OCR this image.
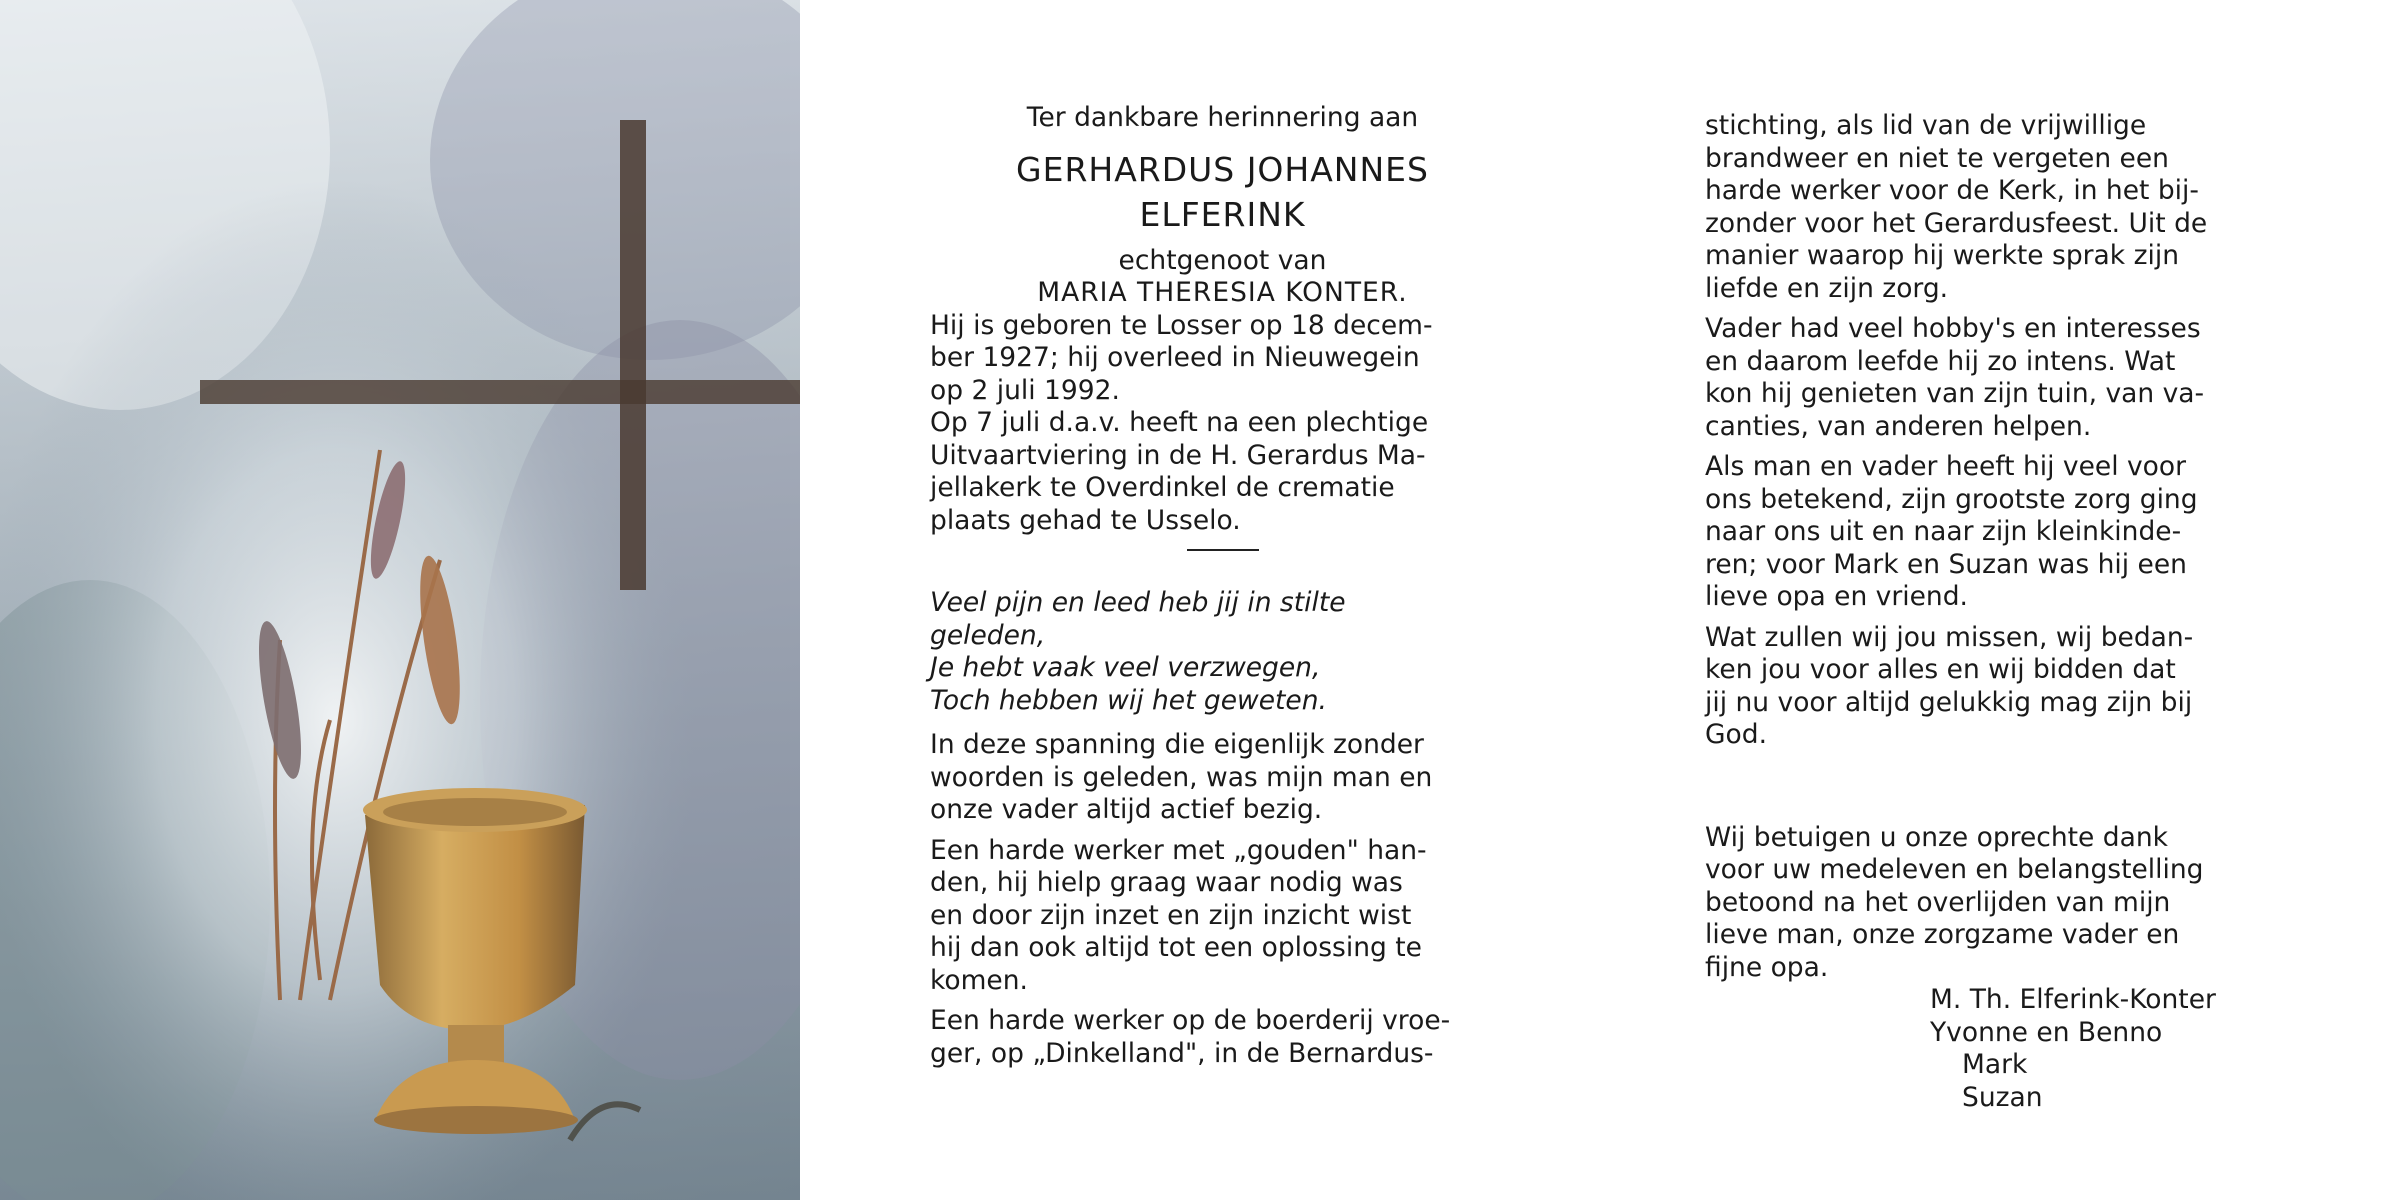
Ter dankbare herinnering aan
GERHARDUS JOHANNES
ELFERINK
echtgenoot van
MARIA THERESIA KONTER.
Hij is geboren te Losser op 18 decem-
ber 1927; hij overleed in Nieuwegein
op 2 juli 1992.
Op 7 juli d.a.v. heeft na een plechtige
Uitvaartviering in de H. Gerardus Ma-
jellakerk te Overdinkel de crematie
plaats gehad te Usselo.
Veel pijn en leed heb jij in stilte
geleden,
Je hebt vaak veel verzwegen,
Toch hebben wij het geweten.
In deze spanning die eigenlijk zonder
woorden is geleden, was mijn man en
onze vader altijd actief bezig.
Een harde werker met „gouden" han-
den, hij hielp graag waar nodig was
en door zijn inzet en zijn inzicht wist
hij dan ook altijd tot een oplossing te
komen.
Een harde werker op de boerderij vroe-
ger, op „Dinkelland", in de Bernardus-
stichting, als lid van de vrijwillige
brandweer en niet te vergeten een
harde werker voor de Kerk, in het bij-
zonder voor het Gerardusfeest. Uit de
manier waarop hij werkte sprak zijn
liefde en zijn zorg.
Vader had veel hobby's en interesses
en daarom leefde hij zo intens. Wat
kon hij genieten van zijn tuin, van va-
canties, van anderen helpen.
Als man en vader heeft hij veel voor
ons betekend, zijn grootste zorg ging
naar ons uit en naar zijn kleinkinde-
ren; voor Mark en Suzan was hij een
lieve opa en vriend.
Wat zullen wij jou missen, wij bedan-
ken jou voor alles en wij bidden dat
jij nu voor altijd gelukkig mag zijn bij
God.
Wij betuigen u onze oprechte dank
voor uw medeleven en belangstelling
betoond na het overlijden van mijn
lieve man, onze zorgzame vader en
fijne opa.
M. Th. Elferink-Konter
Yvonne en Benno
Mark
Suzan
